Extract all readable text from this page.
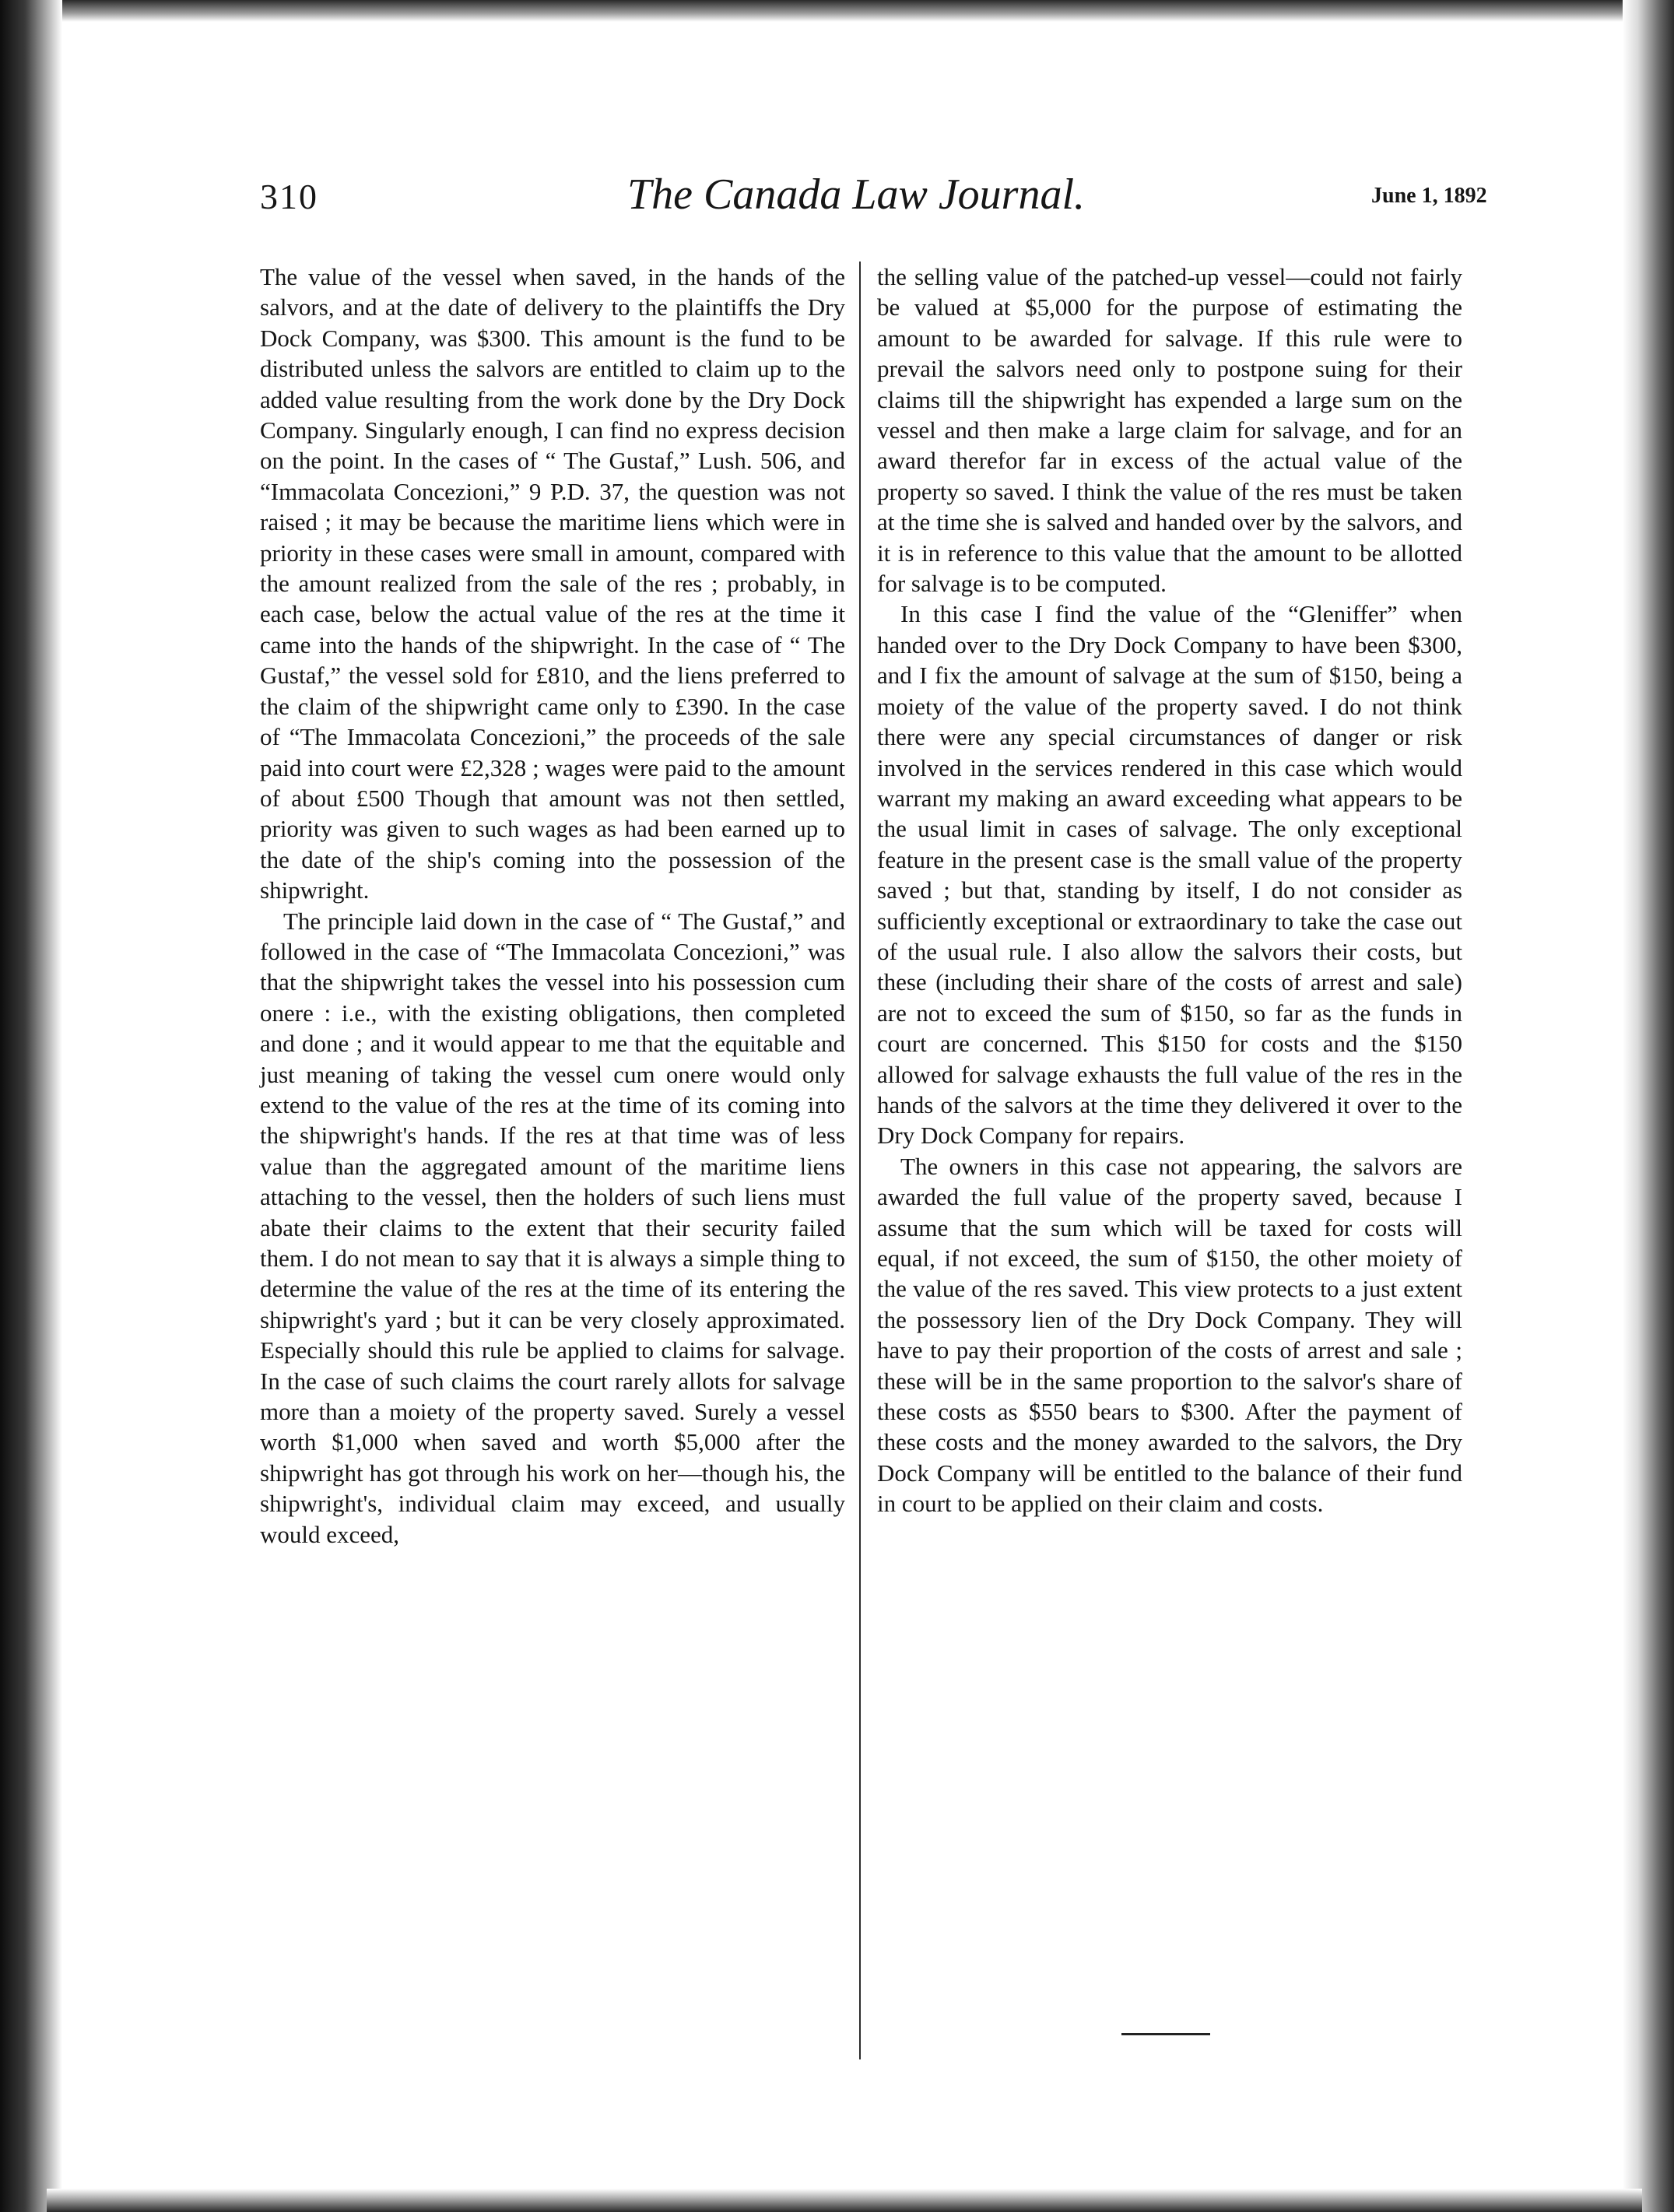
310	The Canada Law Journal.	June 1, 1892

The value of the vessel when saved, in the hands of the salvors, and at the date of delivery to the plaintiffs the Dry Dock Company, was $300. This amount is the fund to be distributed unless the salvors are entitled to claim up to the added value resulting from the work done by the Dry Dock Company. Singularly enough, I can find no express decision on the point. In the cases of “ The Gustaf,” Lush. 506, and “Immacolata Concezioni,” 9 P.D. 37, the question was not raised ; it may be because the maritime liens which were in priority in these cases were small in amount, compared with the amount realized from the sale of the res ; probably, in each case, below the actual value of the res at the time it came into the hands of the shipwright. In the case of “ The Gustaf,” the vessel sold for £810, and the liens preferred to the claim of the shipwright came only to £390. In the case of “The Immacolata Concezioni,” the proceeds of the sale paid into court were £2,328 ; wages were paid to the amount of about £500 Though that amount was not then settled, priority was given to such wages as had been earned up to the date of the ship's coming into the possession of the shipwright.

The principle laid down in the case of “ The Gustaf,” and followed in the case of “The Immacolata Concezioni,” was that the shipwright takes the vessel into his possession cum onere : i.e., with the existing obligations, then completed and done ; and it would appear to me that the equitable and just meaning of taking the vessel cum onere would only extend to the value of the res at the time of its coming into the shipwright's hands. If the res at that time was of less value than the aggregated amount of the maritime liens attaching to the vessel, then the holders of such liens must abate their claims to the extent that their security failed them. I do not mean to say that it is always a simple thing to determine the value of the res at the time of its entering the shipwright's yard ; but it can be very closely approximated. Especially should this rule be applied to claims for salvage. In the case of such claims the court rarely allots for salvage more than a moiety of the property saved. Surely a vessel worth $1,000 when saved and worth $5,000 after the shipwright has got through his work on her—though his, the shipwright's, individual claim may exceed, and usually would exceed,

the selling value of the patched-up vessel—could not fairly be valued at $5,000 for the purpose of estimating the amount to be awarded for salvage. If this rule were to prevail the salvors need only to postpone suing for their claims till the shipwright has expended a large sum on the vessel and then make a large claim for salvage, and for an award therefor far in excess of the actual value of the property so saved. I think the value of the res must be taken at the time she is salved and handed over by the salvors, and it is in reference to this value that the amount to be allotted for salvage is to be computed.

In this case I find the value of the “Gleniffer” when handed over to the Dry Dock Company to have been $300, and I fix the amount of salvage at the sum of $150, being a moiety of the value of the property saved. I do not think there were any special circumstances of danger or risk involved in the services rendered in this case which would warrant my making an award exceeding what appears to be the usual limit in cases of salvage. The only exceptional feature in the present case is the small value of the property saved ; but that, standing by itself, I do not consider as sufficiently exceptional or extraordinary to take the case out of the usual rule. I also allow the salvors their costs, but these (including their share of the costs of arrest and sale) are not to exceed the sum of $150, so far as the funds in court are concerned. This $150 for costs and the $150 allowed for salvage exhausts the full value of the res in the hands of the salvors at the time they delivered it over to the Dry Dock Company for repairs.

The owners in this case not appearing, the salvors are awarded the full value of the property saved, because I assume that the sum which will be taxed for costs will equal, if not exceed, the sum of $150, the other moiety of the value of the res saved. This view protects to a just extent the possessory lien of the Dry Dock Company. They will have to pay their proportion of the costs of arrest and sale ; these will be in the same proportion to the salvor's share of these costs as $550 bears to $300. After the payment of these costs and the money awarded to the salvors, the Dry Dock Company will be entitled to the balance of their fund in court to be applied on their claim and costs.
